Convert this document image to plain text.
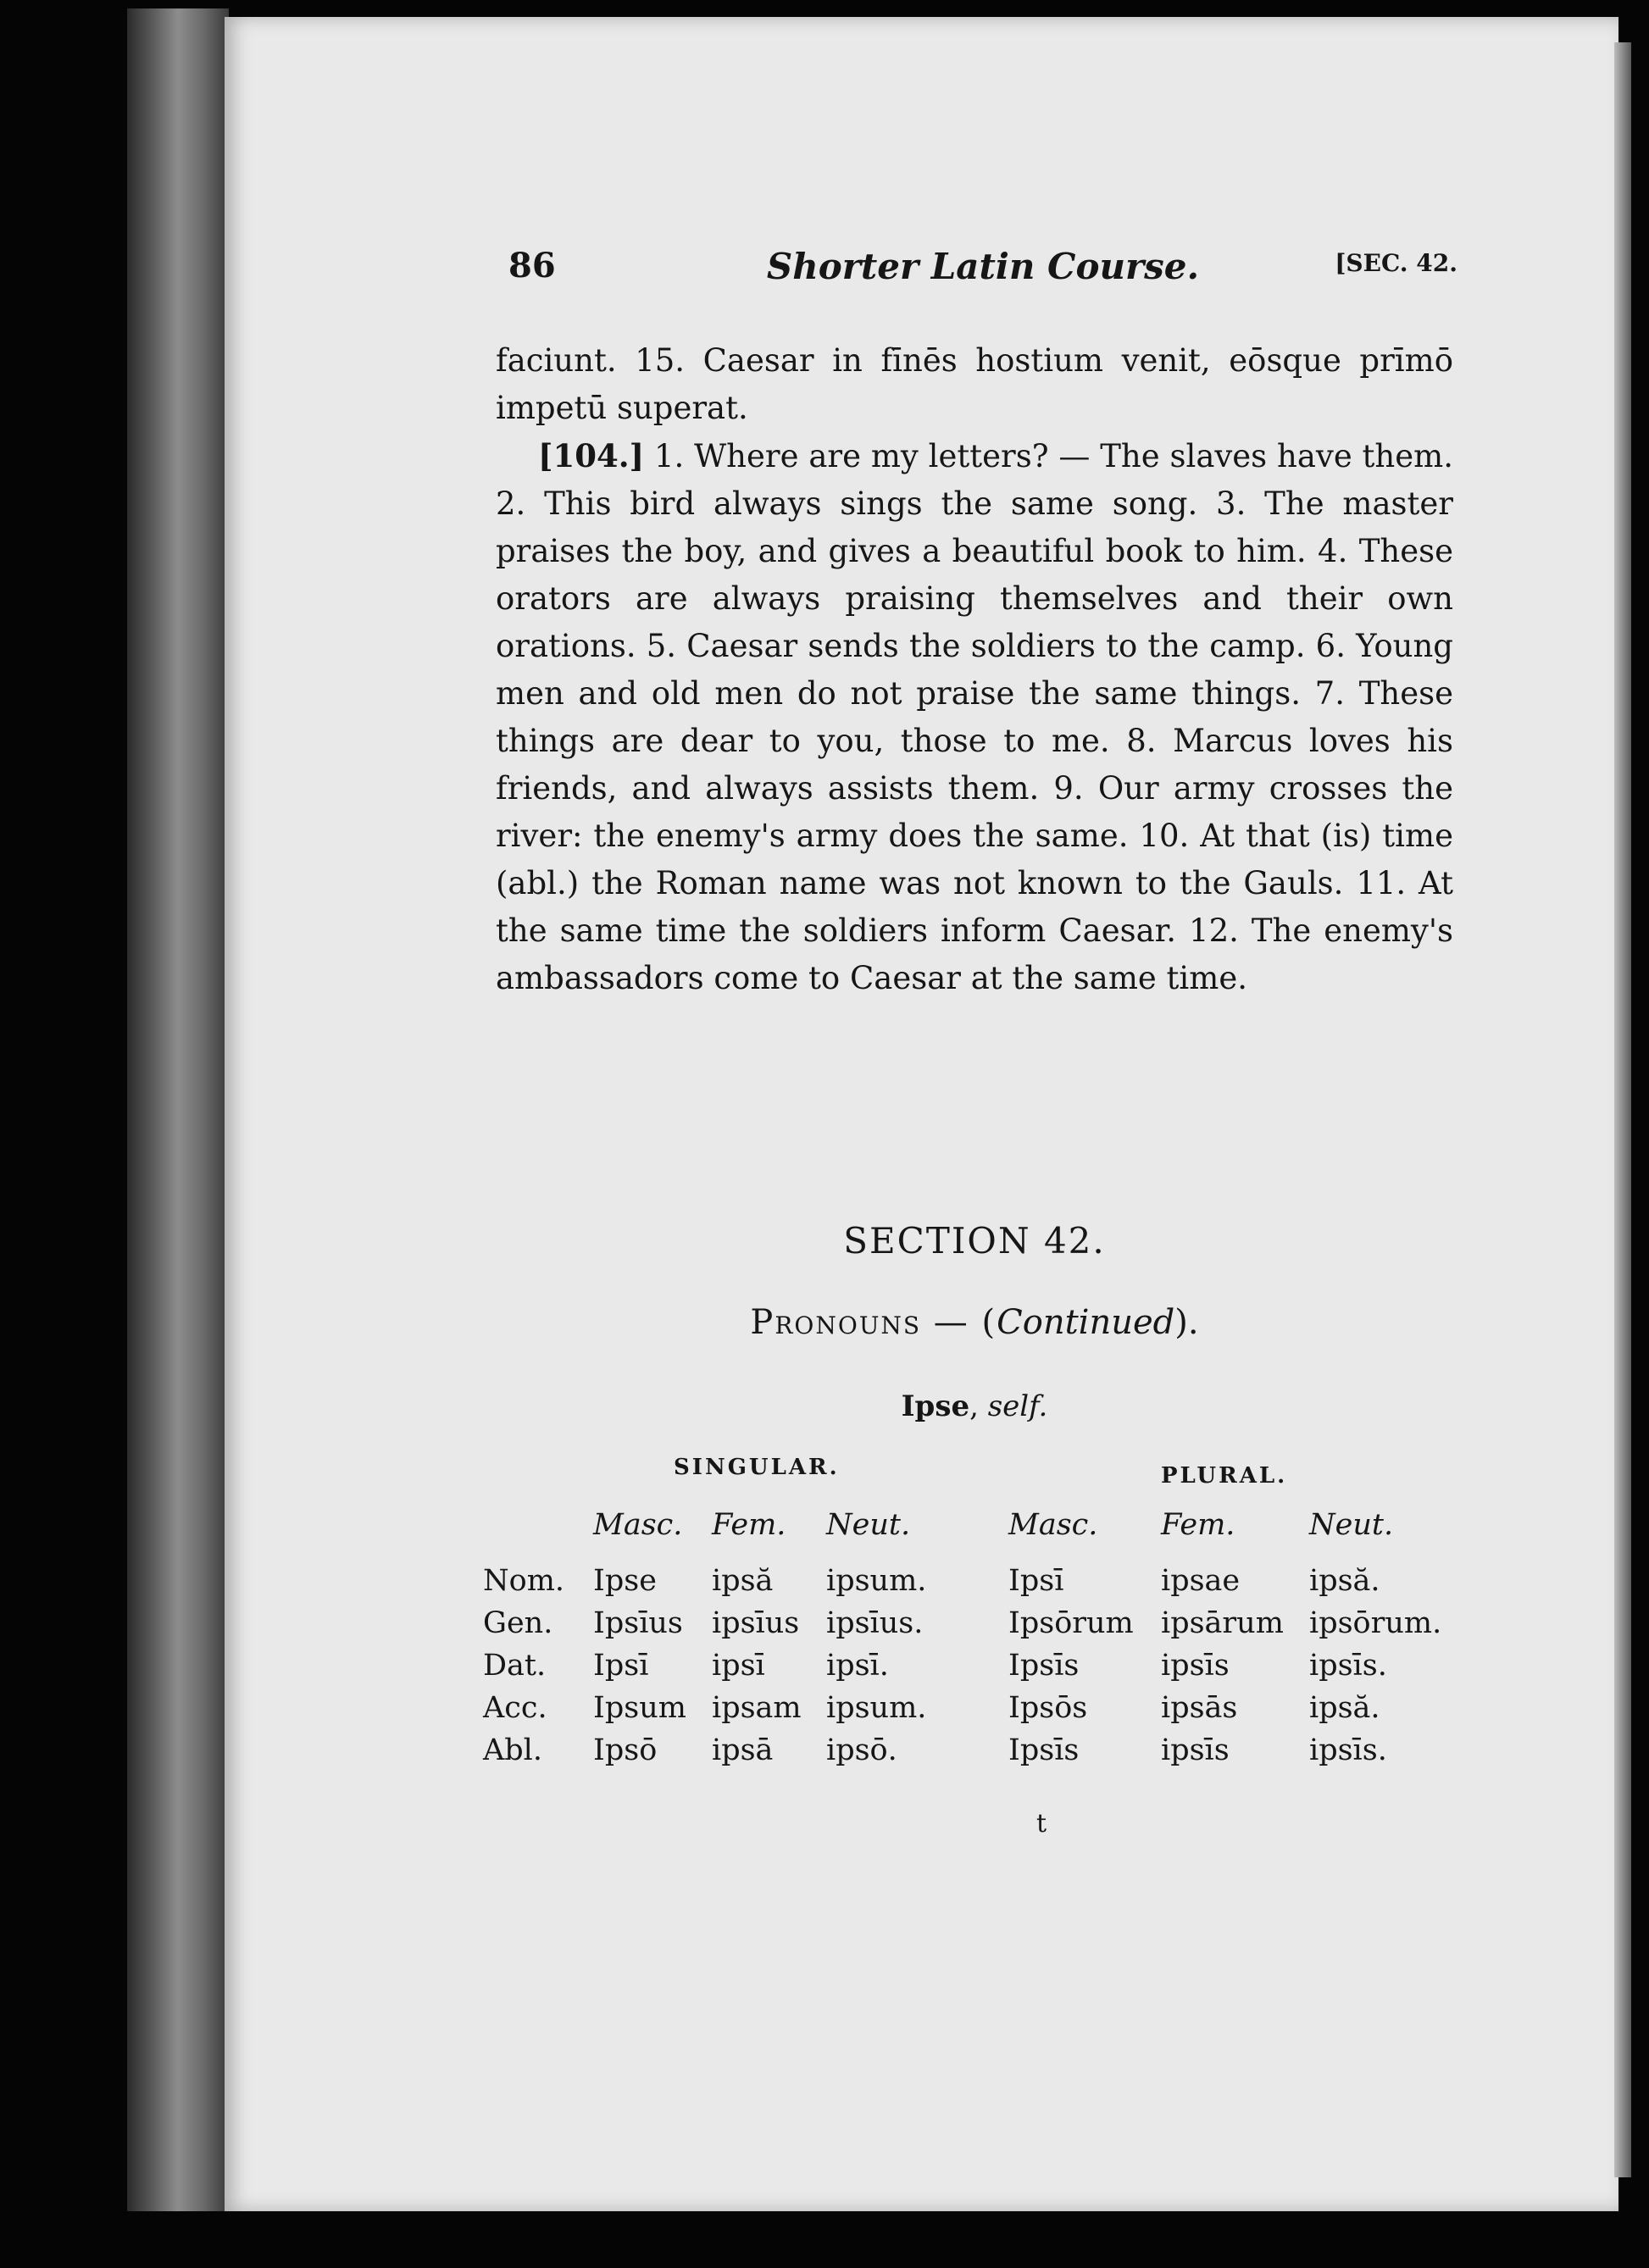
86	Shorter Latin Course.	[SEC. 42.

faciunt. 15. Caesar in fīnēs hostium venit, eōsque prīmō impetū superat.

[104.] 1. Where are my letters? — The slaves have them. 2. This bird always sings the same song. 3. The master praises the boy, and gives a beautiful book to him. 4. These orators are always praising themselves and their own orations. 5. Caesar sends the soldiers to the camp. 6. Young men and old men do not praise the same things. 7. These things are dear to you, those to me. 8. Marcus loves his friends, and always assists them. 9. Our army crosses the river: the enemy's army does the same. 10. At that (is) time (abl.) the Roman name was not known to the Gauls. 11. At the same time the soldiers inform Caesar. 12. The enemy's ambassadors come to Caesar at the same time.

SECTION 42.
Pronouns — (Continued).
Ipse, self.
SINGULAR.	PLURAL.
	Masc.	Fem.	Neut.	Masc.	Fem.	Neut.
Nom.	Ipse	ipsă	ipsum.	Ipsī	ipsae	ipsă.
Gen.	Ipsīus	ipsīus	ipsīus.	Ipsōrum	ipsārum	ipsōrum.
Dat.	Ipsī	ipsī	ipsī.	Ipsīs	ipsīs	ipsīs.
Acc.	Ipsum	ipsam	ipsum.	Ipsōs	ipsās	ipsă.
Abl.	Ipsō	ipsā	ipsō.	Ipsīs	ipsīs	ipsīs.
t
